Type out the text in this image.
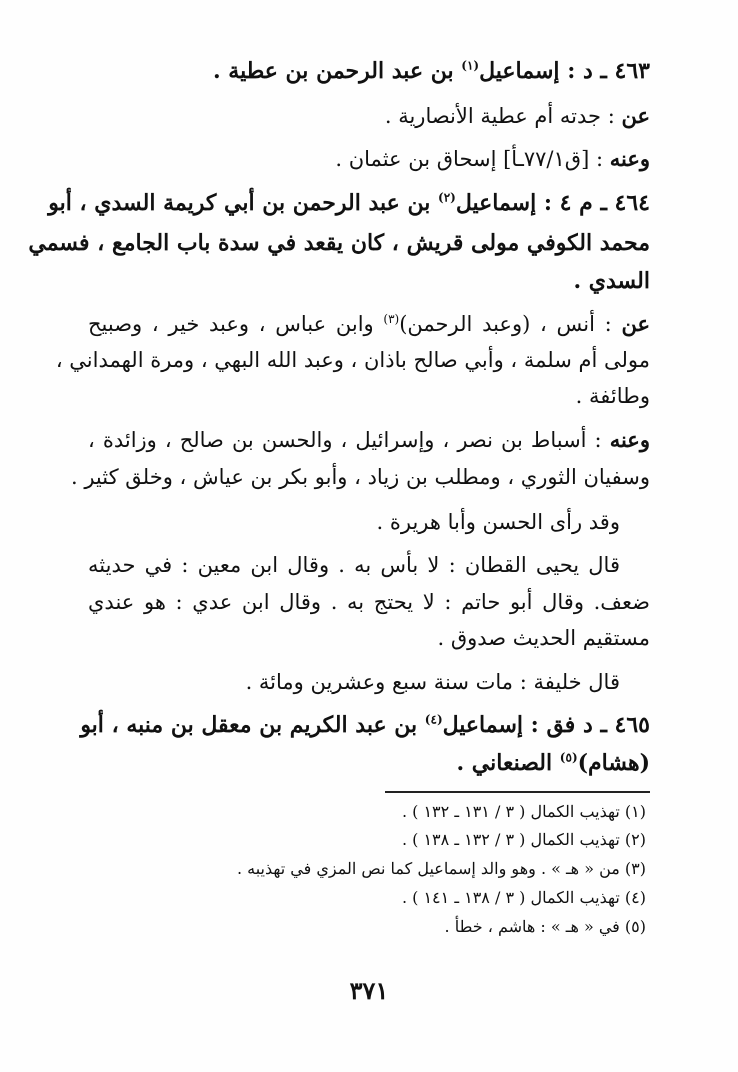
٤٦٣ ـ د : إسماعيل$^{(١)}$ بن عبد الرحمن بن عطية .
عن : جدته أم عطية الأنصارية .
وعنه : [ق٧٧/١ـأ] إسحاق بن عثمان .
٤٦٤ ـ م ٤ : إسماعيل$^{(٢)}$ بن عبد الرحمن بن أبي كريمة السدي ، أبو
محمد الكوفي مولى قريش ، كان يقعد في سدة باب الجامع ، فسمي
السدي .
عن : أنس ، (وعبد الرحمن)$^{(٣)}$ وابن عباس ، وعبد خير ، وصبيح
مولى أم سلمة ، وأبي صالح باذان ، وعبد الله البهي ، ومرة الهمداني ،
وطائفة .
وعنه : أسباط بن نصر ، وإسرائيل ، والحسن بن صالح ، وزائدة ،
وسفيان الثوري ، ومطلب بن زياد ، وأبو بكر بن عياش ، وخلق كثير .
وقد رأى الحسن وأبا هريرة .
قال يحيى القطان : لا بأس به . وقال ابن معين : في حديثه
ضعف. وقال أبو حاتم : لا يحتج به . وقال ابن عدي : هو عندي
مستقيم الحديث صدوق .
قال خليفة : مات سنة سبع وعشرين ومائة .
٤٦٥ ـ د فق : إسماعيل$^{(٤)}$ بن عبد الكريم بن معقل بن منبه ، أبو
(هشام)$^{(٥)}$ الصنعاني .
(١) تهذيب الكمال ( ٣ / ١٣١ ـ ١٣٢ ) .
(٢) تهذيب الكمال ( ٣ / ١٣٢ ـ ١٣٨ ) .
(٣) من « هـ » . وهو والد إسماعيل كما نص المزي في تهذيبه .
(٤) تهذيب الكمال ( ٣ / ١٣٨ ـ ١٤١ ) .
(٥) في « هـ » : هاشم ، خطأ .
٣٧١
